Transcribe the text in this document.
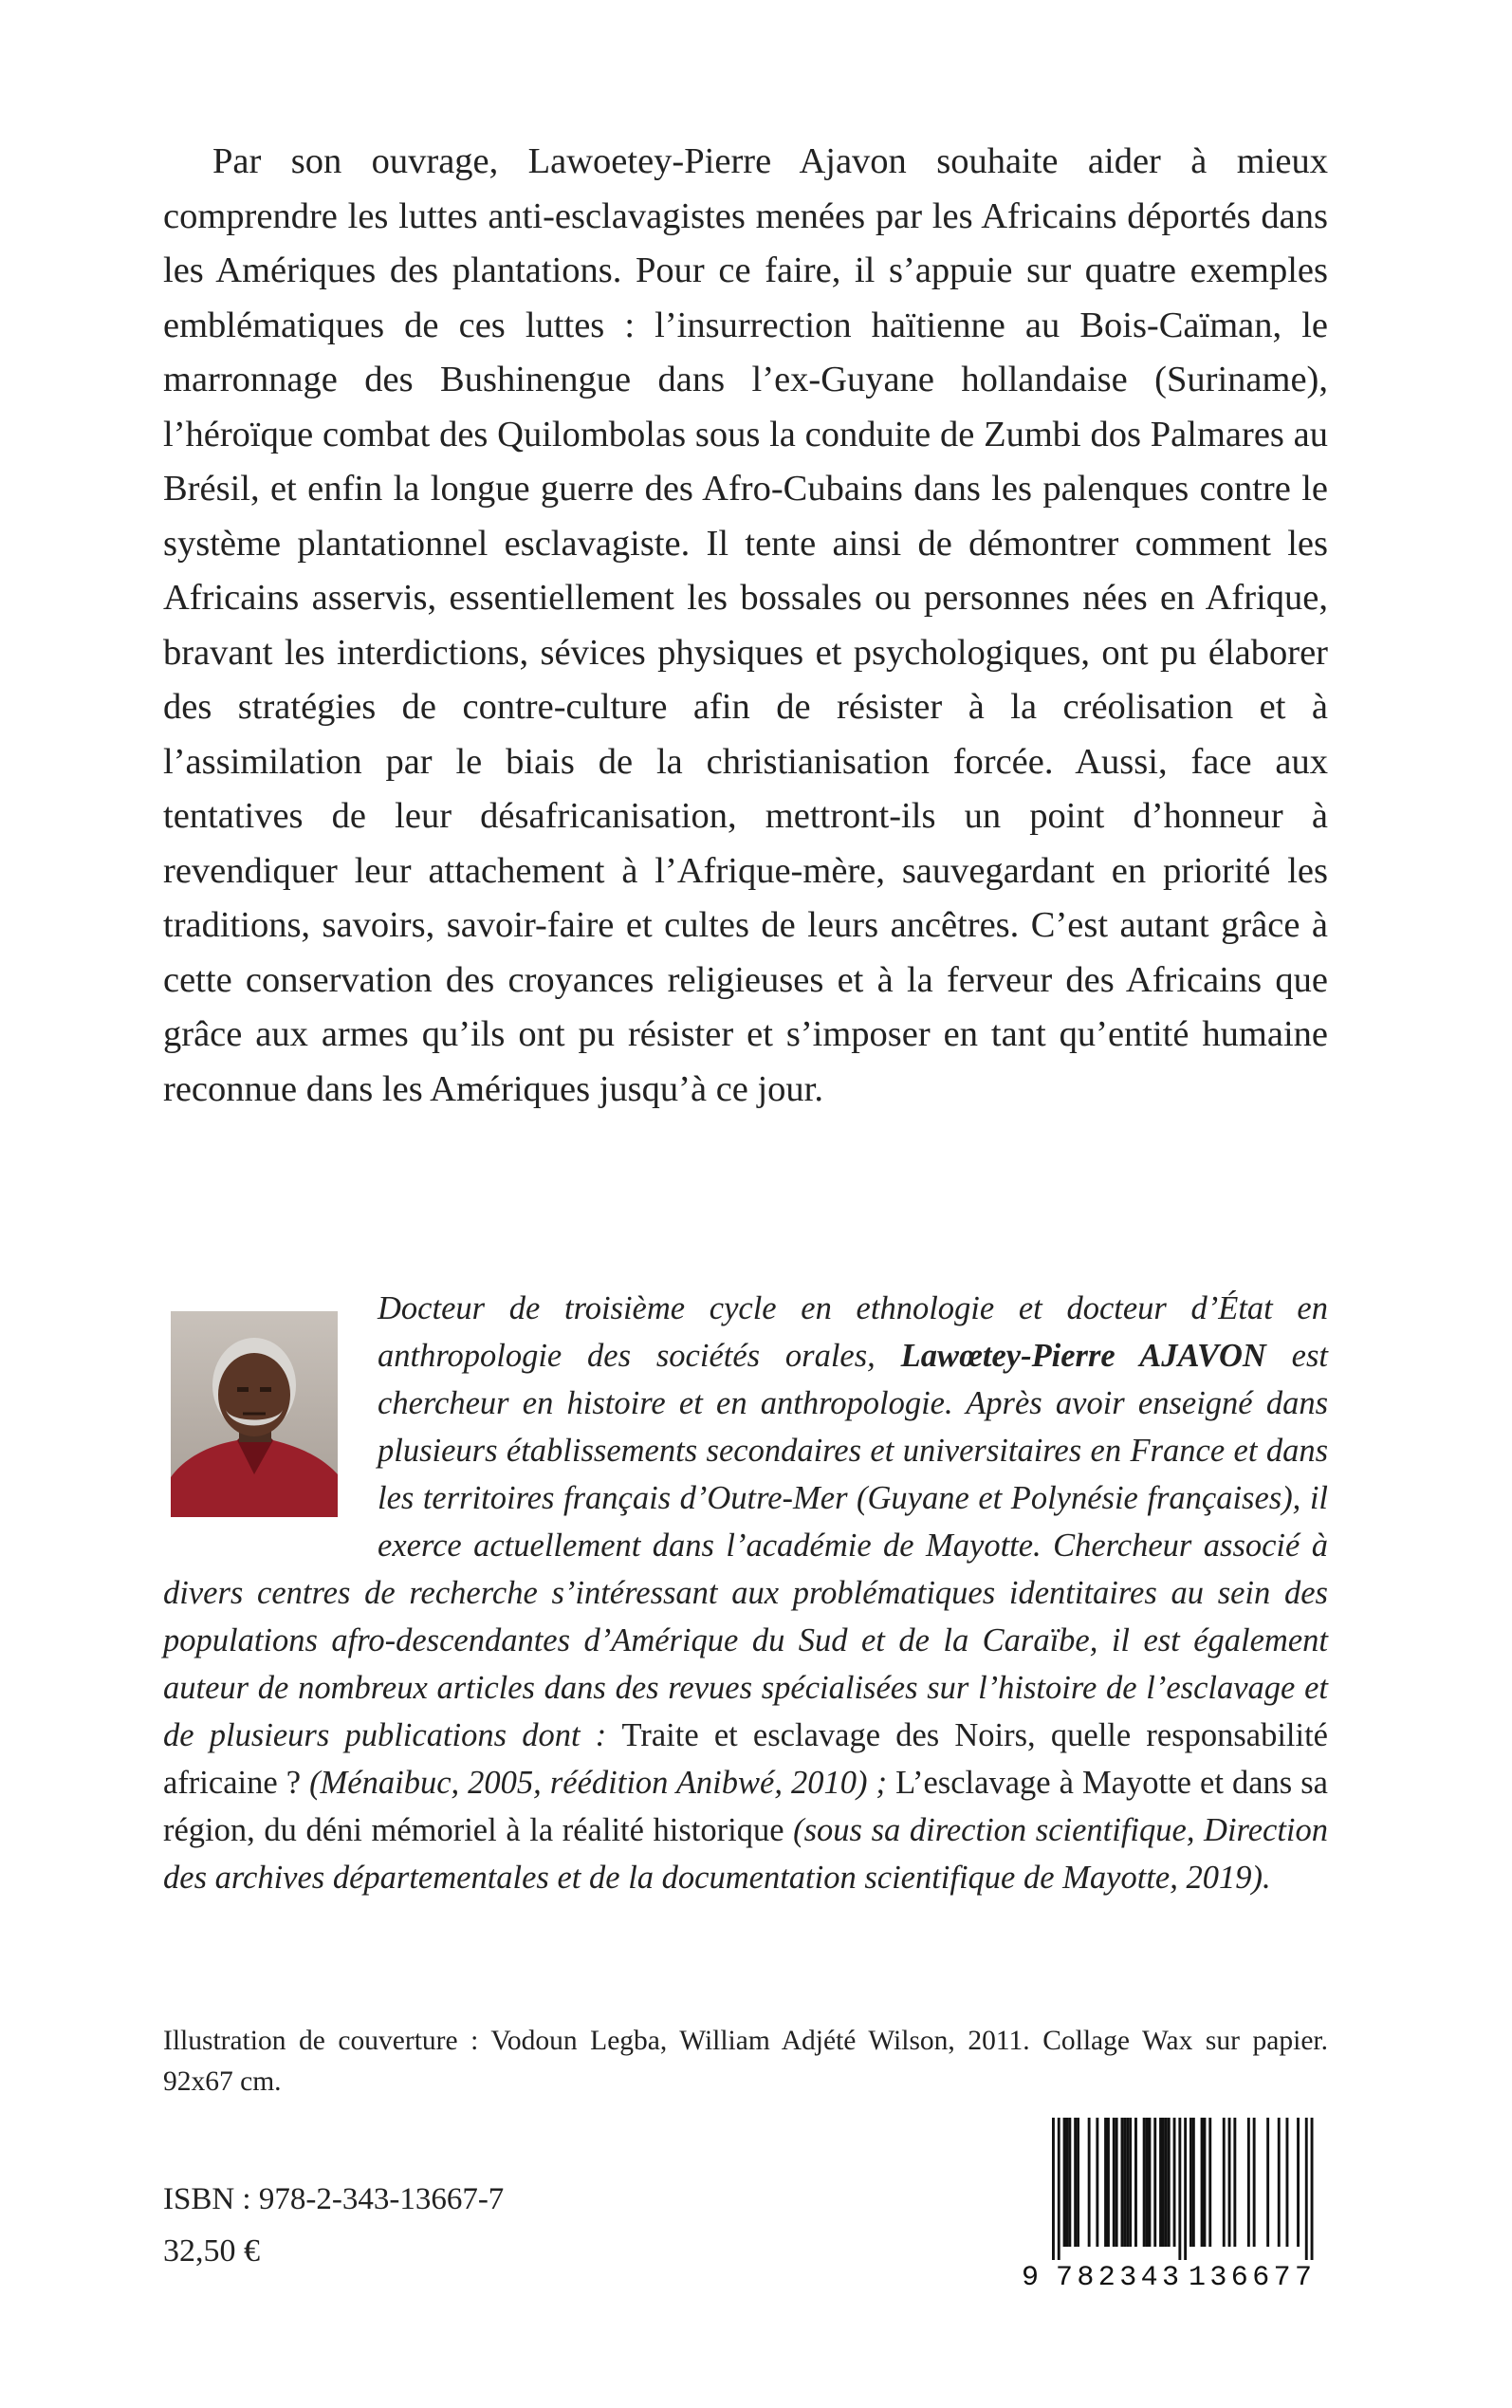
Par son ouvrage, Lawoetey-Pierre Ajavon souhaite aider à mieux comprendre les luttes anti-esclavagistes menées par les Africains déportés dans les Amériques des plantations. Pour ce faire, il s’appuie sur quatre exemples emblématiques de ces luttes : l’insurrection haïtienne au Bois-Caïman, le marronnage des Bushinengue dans l’ex-Guyane hollandaise (Suriname), l’héroïque combat des Quilombolas sous la conduite de Zumbi dos Palmares au Brésil, et enfin la longue guerre des Afro-Cubains dans les palenques contre le système plantationnel esclavagiste. Il tente ainsi de démontrer comment les Africains asservis, essentiellement les bossales ou personnes nées en Afrique, bravant les interdictions, sévices physiques et psychologiques, ont pu élaborer des stratégies de contre-culture afin de résister à la créolisation et à l’assimilation par le biais de la christianisation forcée. Aussi, face aux tentatives de leur désafricanisation, mettront-ils un point d’honneur à revendiquer leur attachement à l’Afrique-mère, sauvegardant en priorité les traditions, savoirs, savoir-faire et cultes de leurs ancêtres. C’est autant grâce à cette conservation des croyances religieuses et à la ferveur des Africains que grâce aux armes qu’ils ont pu résister et s’imposer en tant qu’entité humaine reconnue dans les Amériques jusqu’à ce jour.

Docteur de troisième cycle en ethnologie et docteur d’État en anthropologie des sociétés orales, Lawœtey-Pierre AJAVON est chercheur en histoire et en anthropologie. Après avoir enseigné dans plusieurs établissements secondaires et universitaires en France et dans les territoires français d’Outre-Mer (Guyane et Polynésie françaises), il exerce actuellement dans l’académie de Mayotte. Chercheur associé à divers centres de recherche s’intéressant aux problématiques identitaires au sein des populations afro-descendantes d’Amérique du Sud et de la Caraïbe, il est également auteur de nombreux articles dans des revues spécialisées sur l’histoire de l’esclavage et de plusieurs publications dont : Traite et esclavage des Noirs, quelle responsabilité africaine ? (Ménaibuc, 2005, réédition Anibwé, 2010) ; L’esclavage à Mayotte et dans sa région, du déni mémoriel à la réalité historique (sous sa direction scientifique, Direction des archives départementales et de la documentation scientifique de Mayotte, 2019).

Illustration de couverture : Vodoun Legba, William Adjété Wilson, 2011. Collage Wax sur papier. 92x67 cm.

ISBN : 978-2-343-13667-7

32,50 €

9 782343 136677
